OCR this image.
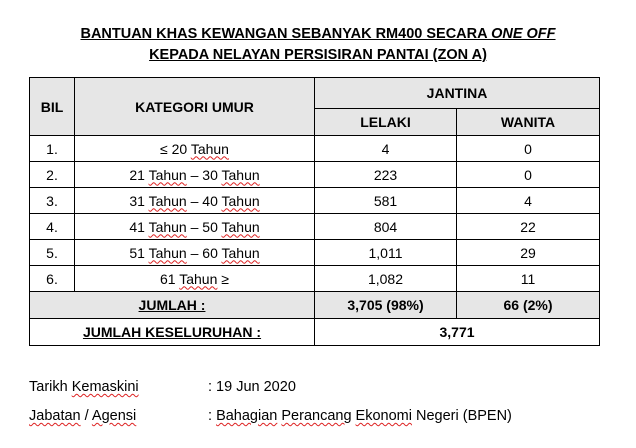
BANTUAN KHAS KEWANGAN SEBANYAK RM400 SECARA ONE OFF
KEPADA NELAYAN PERSISIRAN PANTAI (ZON A)
BIL	KATEGORI UMUR	JANTINA	
		LELAKI	WANITA
1.	≤ 20 Tahun	4	0
2.	21 Tahun – 30 Tahun	223	0
3.	31 Tahun – 40 Tahun	581	4
4.	41 Tahun – 50 Tahun	804	22
5.	51 Tahun – 60 Tahun	1,011	29
6.	61 Tahun ≥	1,082	11
JUMLAH :		3,705 (98%)	66 (2%)
JUMLAH KESELURUHAN :		3,771	
Tarikh Kemaskini	: 19 Jun 2020
Jabatan / Agensi	: Bahagian Perancang Ekonomi Negeri (BPEN)
